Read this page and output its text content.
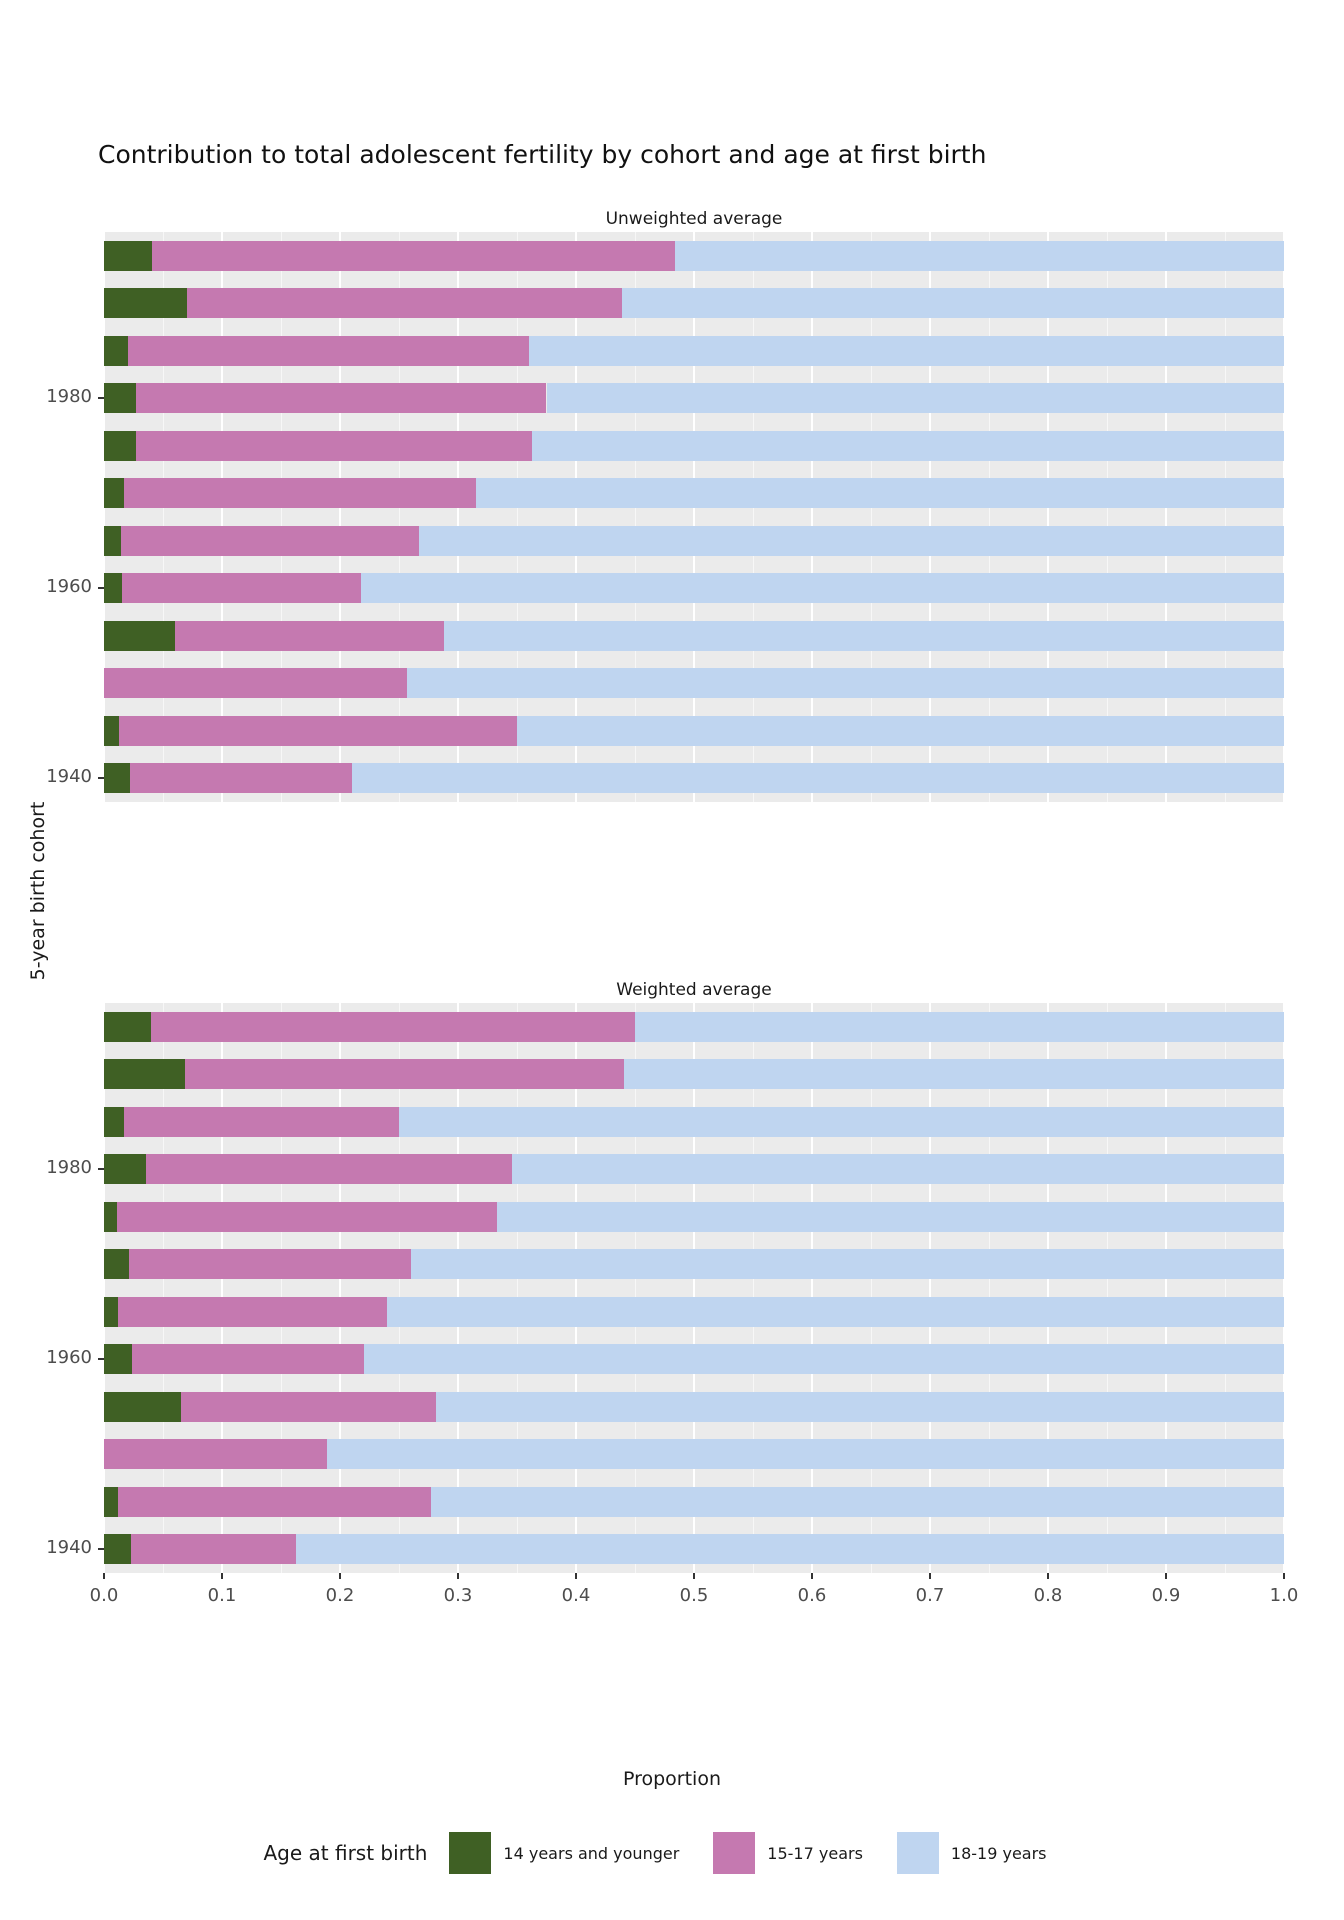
Contribution to total adolescent fertility by cohort and age at first birth
5-year birth cohort
Proportion
Unweighted average
Weighted average
Age at first birth	14 years and younger	15-17 years	18-19 years
1980
1960
1940
1980
1960
1940
0.0	0.1	0.2	0.3	0.4	0.5	0.6	0.7	0.8	0.9	1.0
